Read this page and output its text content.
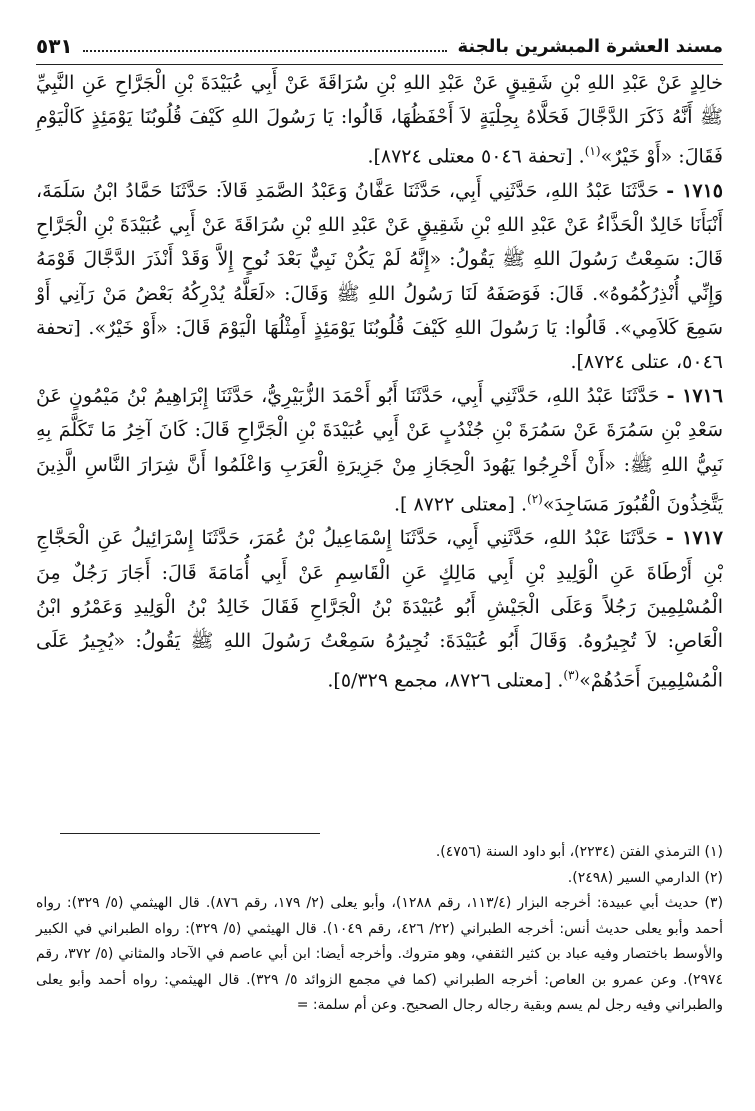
مسند العشرة المبشرين بالجنة
٥٣١

خالِدٍ عَنْ عَبْدِ اللهِ بْنِ شَقِيقٍ عَنْ عَبْدِ اللهِ بْنِ سُرَاقَةَ عَنْ أَبِي عُبَيْدَةَ بْنِ الْجَرَّاحِ عَنِ النَّبِيِّ ﷺ أَنَّهُ ذَكَرَ الدَّجَّالَ فَحَلَّاهُ بِحِلْيَةٍ لاَ أَحْفَظُهَا، قَالُوا: يَا رَسُولَ اللهِ كَيْفَ قُلُوبُنَا يَوْمَئِذٍ كَالْيَوْمِ فَقَالَ: «أَوْ خَيْرٌ»$^{(١)}$. [تحفة ٥٠٤٦ معتلى ٨٧٢٤].

١٧١٥ - حَدَّثَنَا عَبْدُ اللهِ، حَدَّثَنِي أَبِي، حَدَّثَنَا عَفَّانُ وَعَبْدُ الصَّمَدِ قَالاَ: حَدَّثَنَا حَمَّادُ ابْنُ سَلَمَةَ، أَنْبَأَنَا خَالِدٌ الْحَذَّاءُ عَنْ عَبْدِ اللهِ بْنِ شَقِيقٍ عَنْ عَبْدِ اللهِ بْنِ سُرَاقَةَ عَنْ أَبِي عُبَيْدَةَ بْنِ الْجَرَّاحِ قَالَ: سَمِعْتُ رَسُولَ اللهِ ﷺ يَقُولُ: «إِنَّهُ لَمْ يَكُنْ نَبِيٌّ بَعْدَ نُوحٍ إِلاَّ وَقَدْ أَنْذَرَ الدَّجَّالَ قَوْمَهُ وَإِنِّي أُنْذِرُكُمُوهُ». قَالَ: فَوَصَفَهُ لَنَا رَسُولُ اللهِ ﷺ وَقَالَ: «لَعَلَّهُ يُدْرِكُهُ بَعْضُ مَنْ رَآنِي أَوْ سَمِعَ كَلاَمِي». قَالُوا: يَا رَسُولَ اللهِ كَيْفَ قُلُوبُنَا يَوْمَئِذٍ أَمِثْلُهَا الْيَوْمَ قَالَ: «أَوْ خَيْرٌ». [تحفة ٥٠٤٦، عتلى ٨٧٢٤].

١٧١٦ - حَدَّثَنَا عَبْدُ اللهِ، حَدَّثَنِي أَبِي، حَدَّثَنَا أَبُو أَحْمَدَ الزُّبَيْرِيُّ، حَدَّثَنَا إِبْرَاهِيمُ بْنُ مَيْمُونٍ عَنْ سَعْدِ بْنِ سَمُرَةَ عَنْ سَمُرَةَ بْنِ جُنْدُبٍ عَنْ أَبِي عُبَيْدَةَ بْنِ الْجَرَّاحِ قَالَ: كَانَ آخِرُ مَا تَكَلَّمَ بِهِ نَبِيُّ اللهِ ﷺ: «أَنْ أَخْرِجُوا يَهُودَ الْحِجَازِ مِنْ جَزِيرَةِ الْعَرَبِ وَاعْلَمُوا أَنَّ شِرَارَ النَّاسِ الَّذِينَ يَتَّخِذُونَ الْقُبُورَ مَسَاجِدَ»$^{(٢)}$. [معتلى ٨٧٢٢ ].

١٧١٧ - حَدَّثَنَا عَبْدُ اللهِ، حَدَّثَنِي أَبِي، حَدَّثَنَا إِسْمَاعِيلُ بْنُ عُمَرَ، حَدَّثَنَا إِسْرَائِيلُ عَنِ الْحَجَّاجِ بْنِ أَرْطَاةَ عَنِ الْوَلِيدِ بْنِ أَبِي مَالِكٍ عَنِ الْقَاسِمِ عَنْ أَبِي أُمَامَةَ قَالَ: أَجَارَ رَجُلٌ مِنَ الْمُسْلِمِينَ رَجُلاً وَعَلَى الْجَيْشِ أَبُو عُبَيْدَةَ بْنُ الْجَرَّاحِ فَقَالَ خَالِدُ بْنُ الْوَلِيدِ وَعَمْرُو ابْنُ الْعَاصِ: لاَ تُجِيرُوهُ. وَقَالَ أَبُو عُبَيْدَةَ: نُجِيرُهُ سَمِعْتُ رَسُولَ اللهِ ﷺ يَقُولُ: «يُجِيرُ عَلَى الْمُسْلِمِينَ أَحَدُهُمْ»$^{(٣)}$. [معتلى ٨٧٢٦، مجمع ٥/٣٢٩].

(١) الترمذي الفتن (٢٢٣٤)، أبو داود السنة (٤٧٥٦).

(٢) الدارمي السير (٢٤٩٨).

(٣) حديث أبي عبيدة: أخرجه البزار (١١٣/٤، رقم ١٢٨٨)، وأبو يعلى (٢/ ١٧٩، رقم ٨٧٦). قال الهيثمي (٥/ ٣٢٩): رواه أحمد وأبو يعلى حديث أنس: أخرجه الطبراني (٢٢/ ٤٢٦، رقم ١٠٤٩). قال الهيثمي (٥/ ٣٢٩): رواه الطبراني في الكبير والأوسط باختصار وفيه عباد بن كثير الثقفي، وهو متروك. وأخرجه أيضا: ابن أبي عاصم في الآحاد والمثاني (٥/ ٣٧٢، رقم ٢٩٧٤). وعن عمرو بن العاص: أخرجه الطبراني (كما في مجمع الزوائد ٥/ ٣٢٩). قال الهيثمي: رواه أحمد وأبو يعلى والطبراني وفيه رجل لم يسم وبقية رجاله رجال الصحيح. وعن أم سلمة: =
